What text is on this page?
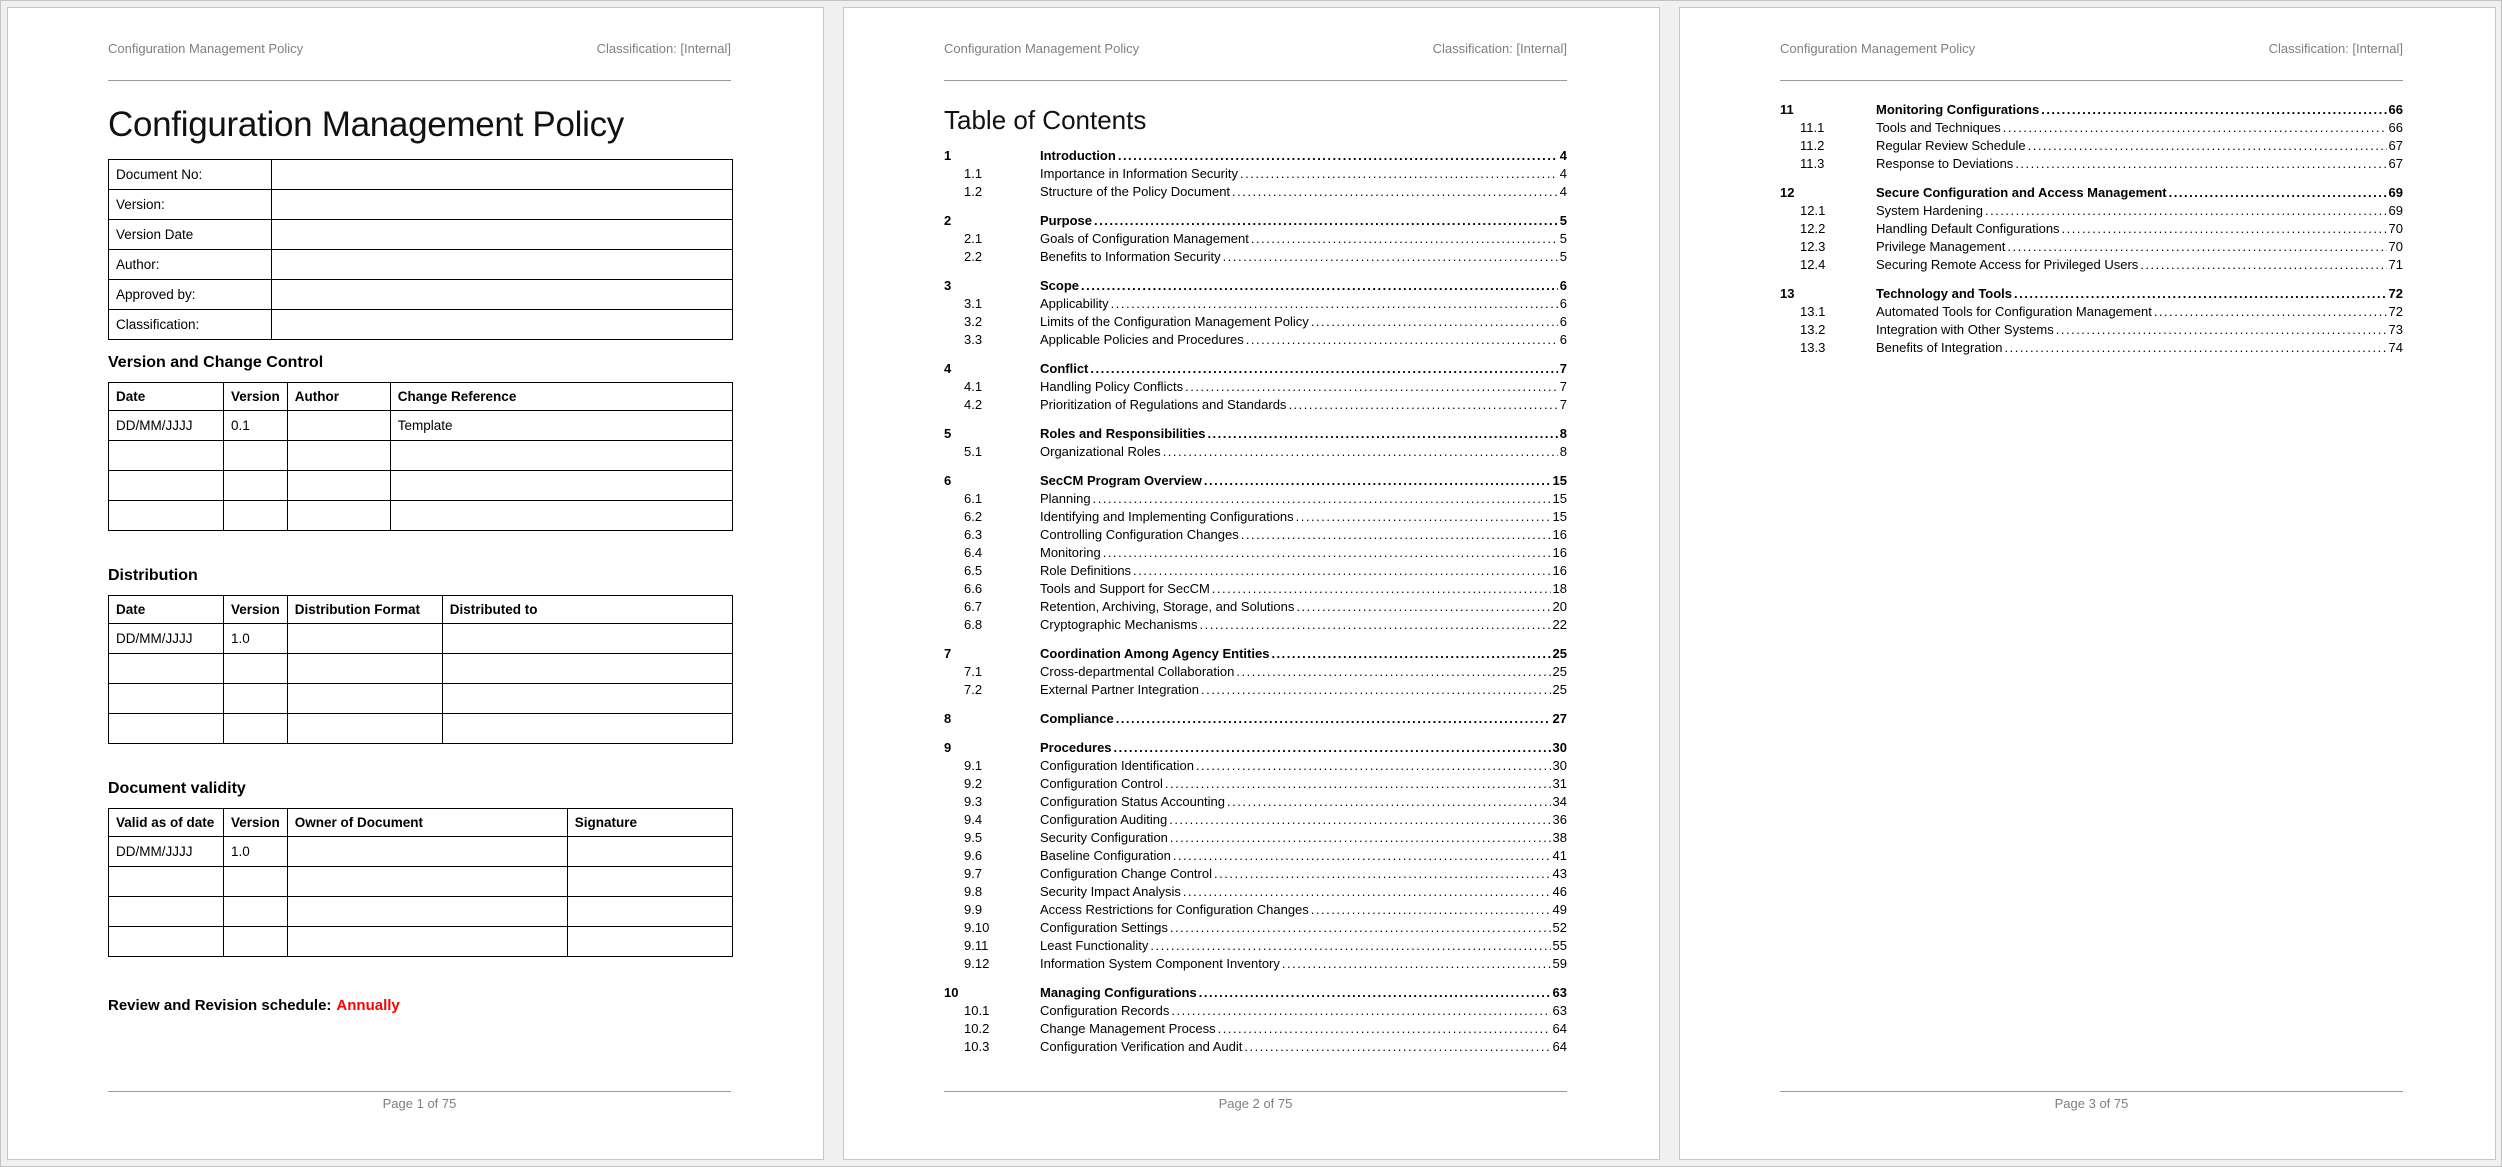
Configuration Management Policy	Classification: [Internal]
Configuration Management Policy
Document No:	
Version:	
Version Date	
Author:	
Approved by:	
Classification:	
Version and Change Control
Date	Version	Author	Change Reference
DD/MM/JJJJ	0.1		Template

Distribution
Date	Version	Distribution Format	Distributed to
DD/MM/JJJJ	1.0		

Document validity
Valid as of date	Version	Owner of Document	Signature
DD/MM/JJJJ	1.0		

Review and Revision schedule: Annually

Page 1 of 75
Configuration Management Policy	Classification: [Internal]
Table of Contents
1	Introduction .....	4
1.1	Importance in Information Security .....	4
1.2	Structure of the Policy Document .....	4
2	Purpose .....	5
2.1	Goals of Configuration Management .....	5
2.2	Benefits to Information Security .....	5
3	Scope .....	6
3.1	Applicability .....	6
3.2	Limits of the Configuration Management Policy .....	6
3.3	Applicable Policies and Procedures .....	6
4	Conflict .....	7
4.1	Handling Policy Conflicts .....	7
4.2	Prioritization of Regulations and Standards .....	7
5	Roles and Responsibilities .....	8
5.1	Organizational Roles .....	8
6	SecCM Program Overview .....	15
6.1	Planning .....	15
6.2	Identifying and Implementing Configurations .....	15
6.3	Controlling Configuration Changes .....	16
6.4	Monitoring .....	16
6.5	Role Definitions .....	16
6.6	Tools and Support for SecCM .....	18
6.7	Retention, Archiving, Storage, and Solutions .....	20
6.8	Cryptographic Mechanisms .....	22
7	Coordination Among Agency Entities .....	25
7.1	Cross-departmental Collaboration .....	25
7.2	External Partner Integration .....	25
8	Compliance .....	27
9	Procedures .....	30
9.1	Configuration Identification .....	30
9.2	Configuration Control .....	31
9.3	Configuration Status Accounting .....	34
9.4	Configuration Auditing .....	36
9.5	Security Configuration .....	38
9.6	Baseline Configuration .....	41
9.7	Configuration Change Control .....	43
9.8	Security Impact Analysis .....	46
9.9	Access Restrictions for Configuration Changes .....	49
9.10	Configuration Settings .....	52
9.11	Least Functionality .....	55
9.12	Information System Component Inventory .....	59
10	Managing Configurations .....	63
10.1	Configuration Records .....	63
10.2	Change Management Process .....	64
10.3	Configuration Verification and Audit .....	64
Page 2 of 75
Configuration Management Policy	Classification: [Internal]
11	Monitoring Configurations .....	66
11.1	Tools and Techniques .....	66
11.2	Regular Review Schedule .....	67
11.3	Response to Deviations .....	67
12	Secure Configuration and Access Management .....	69
12.1	System Hardening .....	69
12.2	Handling Default Configurations .....	70
12.3	Privilege Management .....	70
12.4	Securing Remote Access for Privileged Users .....	71
13	Technology and Tools .....	72
13.1	Automated Tools for Configuration Management .....	72
13.2	Integration with Other Systems .....	73
13.3	Benefits of Integration .....	74
Page 3 of 75
